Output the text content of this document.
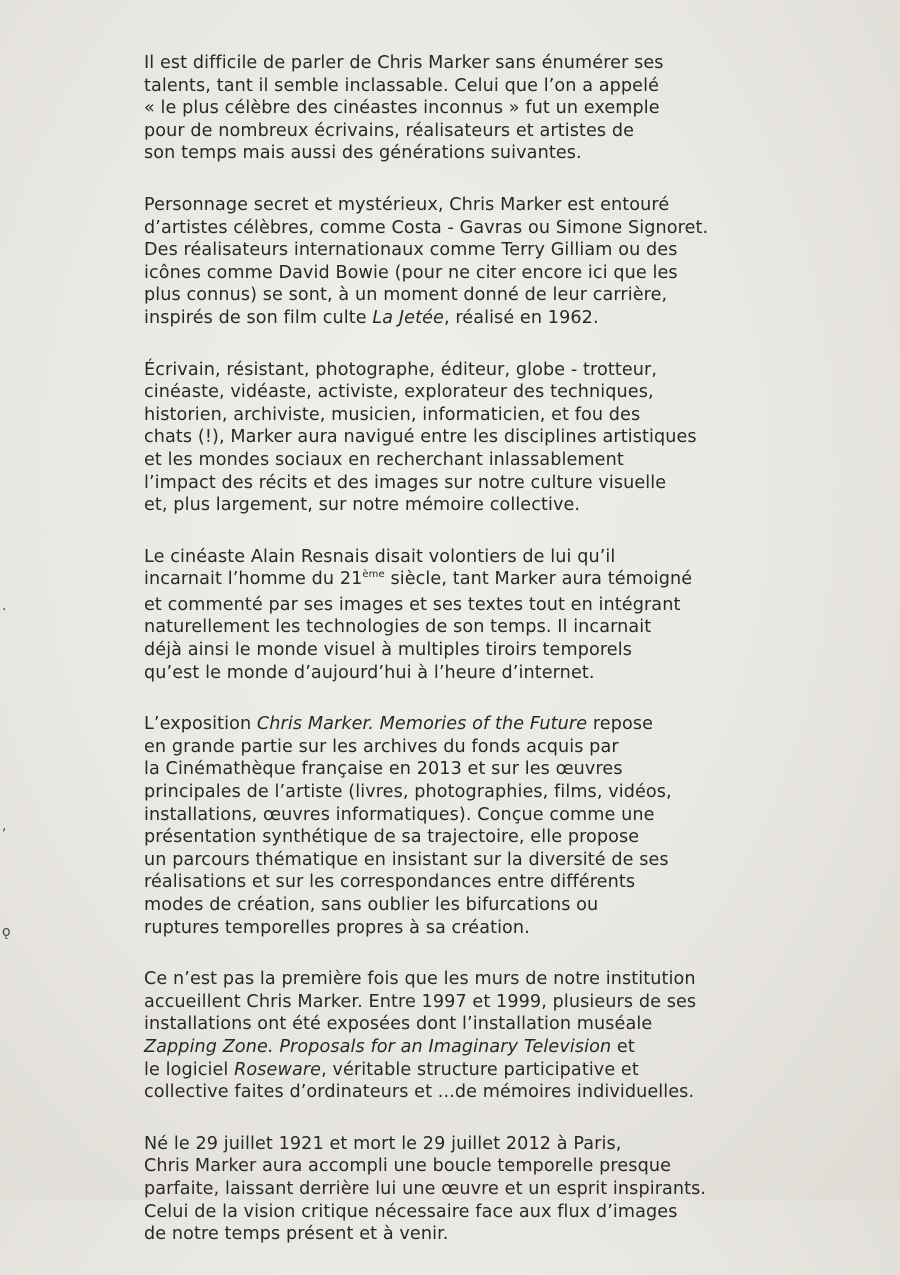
Il est difficile de parler de Chris Marker sans énumérer ses
talents, tant il semble inclassable. Celui que l’on a appelé
« le plus célèbre des cinéastes inconnus » fut un exemple
pour de nombreux écrivains, réalisateurs et artistes de
son temps mais aussi des générations suivantes.
Personnage secret et mystérieux, Chris Marker est entouré
d’artistes célèbres, comme Costa - Gavras ou Simone Signoret.
Des réalisateurs internationaux comme Terry Gilliam ou des
icônes comme David Bowie (pour ne citer encore ici que les
plus connus) se sont, à un moment donné de leur carrière,
inspirés de son film culte La Jetée, réalisé en 1962.
Écrivain, résistant, photographe, éditeur, globe - trotteur,
cinéaste, vidéaste, activiste, explorateur des techniques,
historien, archiviste, musicien, informaticien, et fou des
chats (!), Marker aura navigué entre les disciplines artistiques
et les mondes sociaux en recherchant inlassablement
l’impact des récits et des images sur notre culture visuelle
et, plus largement, sur notre mémoire collective.
Le cinéaste Alain Resnais disait volontiers de lui qu’il
incarnait l’homme du 21ème siècle, tant Marker aura témoigné
et commenté par ses images et ses textes tout en intégrant
naturellement les technologies de son temps. Il incarnait
déjà ainsi le monde visuel à multiples tiroirs temporels
qu’est le monde d’aujourd’hui à l’heure d’internet.
L’exposition Chris Marker. Memories of the Future repose
en grande partie sur les archives du fonds acquis par
la Cinémathèque française en 2013 et sur les œuvres
principales de l’artiste (livres, photographies, films, vidéos,
installations, œuvres informatiques). Conçue comme une
présentation synthétique de sa trajectoire, elle propose
un parcours thématique en insistant sur la diversité de ses
réalisations et sur les correspondances entre différents
modes de création, sans oublier les bifurcations ou
ruptures temporelles propres à sa création.
Ce n’est pas la première fois que les murs de notre institution
accueillent Chris Marker. Entre 1997 et 1999, plusieurs de ses
installations ont été exposées dont l’installation muséale
Zapping Zone. Proposals for an Imaginary Television et
le logiciel Roseware, véritable structure participative et
collective faites d’ordinateurs et ...de mémoires individuelles.
Né le 29 juillet 1921 et mort le 29 juillet 2012 à Paris,
Chris Marker aura accompli une boucle temporelle presque
parfaite, laissant derrière lui une œuvre et un esprit inspirants.
Celui de la vision critique nécessaire face aux flux d’images
de notre temps présent et à venir.
.
,
ǫ
